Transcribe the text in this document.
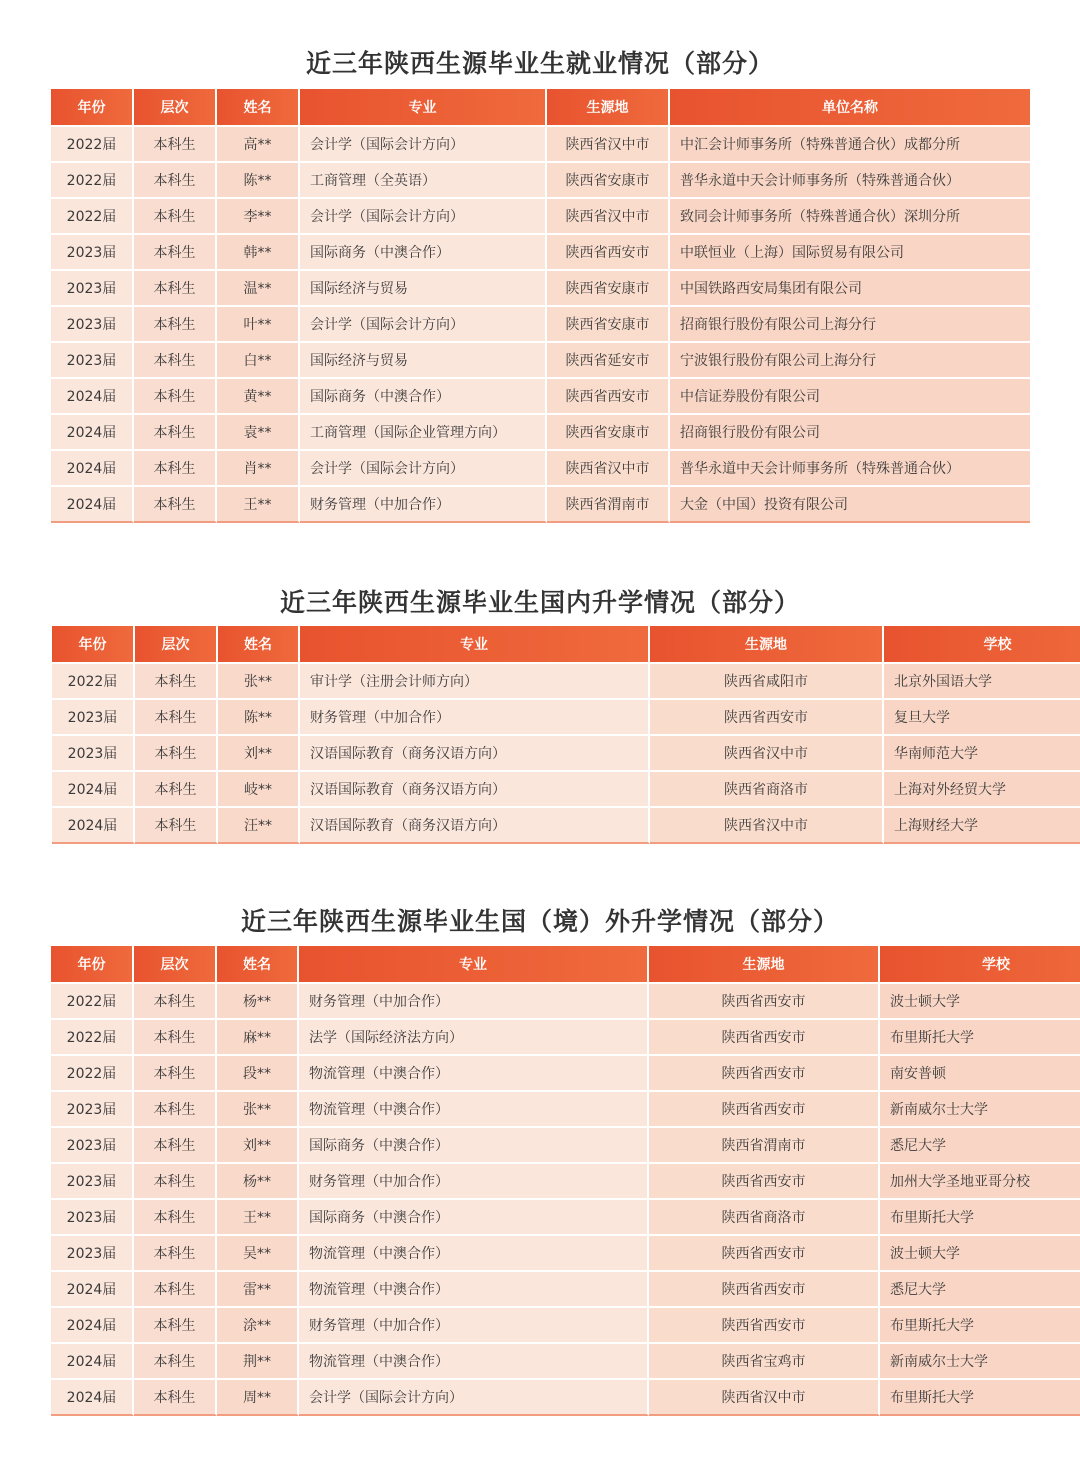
近三年陕西生源毕业生就业情况（部分）
年份	层次	姓名	专业	生源地	单位名称
2022届	本科生	高**	会计学（国际会计方向）	陕西省汉中市	中汇会计师事务所（特殊普通合伙）成都分所
2022届	本科生	陈**	工商管理（全英语）	陕西省安康市	普华永道中天会计师事务所（特殊普通合伙）
2022届	本科生	李**	会计学（国际会计方向）	陕西省汉中市	致同会计师事务所（特殊普通合伙）深圳分所
2023届	本科生	韩**	国际商务（中澳合作）	陕西省西安市	中联恒业（上海）国际贸易有限公司
2023届	本科生	温**	国际经济与贸易	陕西省安康市	中国铁路西安局集团有限公司
2023届	本科生	叶**	会计学（国际会计方向）	陕西省安康市	招商银行股份有限公司上海分行
2023届	本科生	白**	国际经济与贸易	陕西省延安市	宁波银行股份有限公司上海分行
2024届	本科生	黄**	国际商务（中澳合作）	陕西省西安市	中信证券股份有限公司
2024届	本科生	袁**	工商管理（国际企业管理方向）	陕西省安康市	招商银行股份有限公司
2024届	本科生	肖**	会计学（国际会计方向）	陕西省汉中市	普华永道中天会计师事务所（特殊普通合伙）
2024届	本科生	王**	财务管理（中加合作）	陕西省渭南市	大金（中国）投资有限公司
近三年陕西生源毕业生国内升学情况（部分）
年份	层次	姓名	专业	生源地	学校
2022届	本科生	张**	审计学（注册会计师方向）	陕西省咸阳市	北京外国语大学
2023届	本科生	陈**	财务管理（中加合作）	陕西省西安市	复旦大学
2023届	本科生	刘**	汉语国际教育（商务汉语方向）	陕西省汉中市	华南师范大学
2024届	本科生	岐**	汉语国际教育（商务汉语方向）	陕西省商洛市	上海对外经贸大学
2024届	本科生	汪**	汉语国际教育（商务汉语方向）	陕西省汉中市	上海财经大学
近三年陕西生源毕业生国（境）外升学情况（部分）
年份	层次	姓名	专业	生源地	学校
2022届	本科生	杨**	财务管理（中加合作）	陕西省西安市	波士顿大学
2022届	本科生	麻**	法学（国际经济法方向）	陕西省西安市	布里斯托大学
2022届	本科生	段**	物流管理（中澳合作）	陕西省西安市	南安普顿
2023届	本科生	张**	物流管理（中澳合作）	陕西省西安市	新南威尔士大学
2023届	本科生	刘**	国际商务（中澳合作）	陕西省渭南市	悉尼大学
2023届	本科生	杨**	财务管理（中加合作）	陕西省西安市	加州大学圣地亚哥分校
2023届	本科生	王**	国际商务（中澳合作）	陕西省商洛市	布里斯托大学
2023届	本科生	吴**	物流管理（中澳合作）	陕西省西安市	波士顿大学
2024届	本科生	雷**	物流管理（中澳合作）	陕西省西安市	悉尼大学
2024届	本科生	涂**	财务管理（中加合作）	陕西省西安市	布里斯托大学
2024届	本科生	荆**	物流管理（中澳合作）	陕西省宝鸡市	新南威尔士大学
2024届	本科生	周**	会计学（国际会计方向）	陕西省汉中市	布里斯托大学
